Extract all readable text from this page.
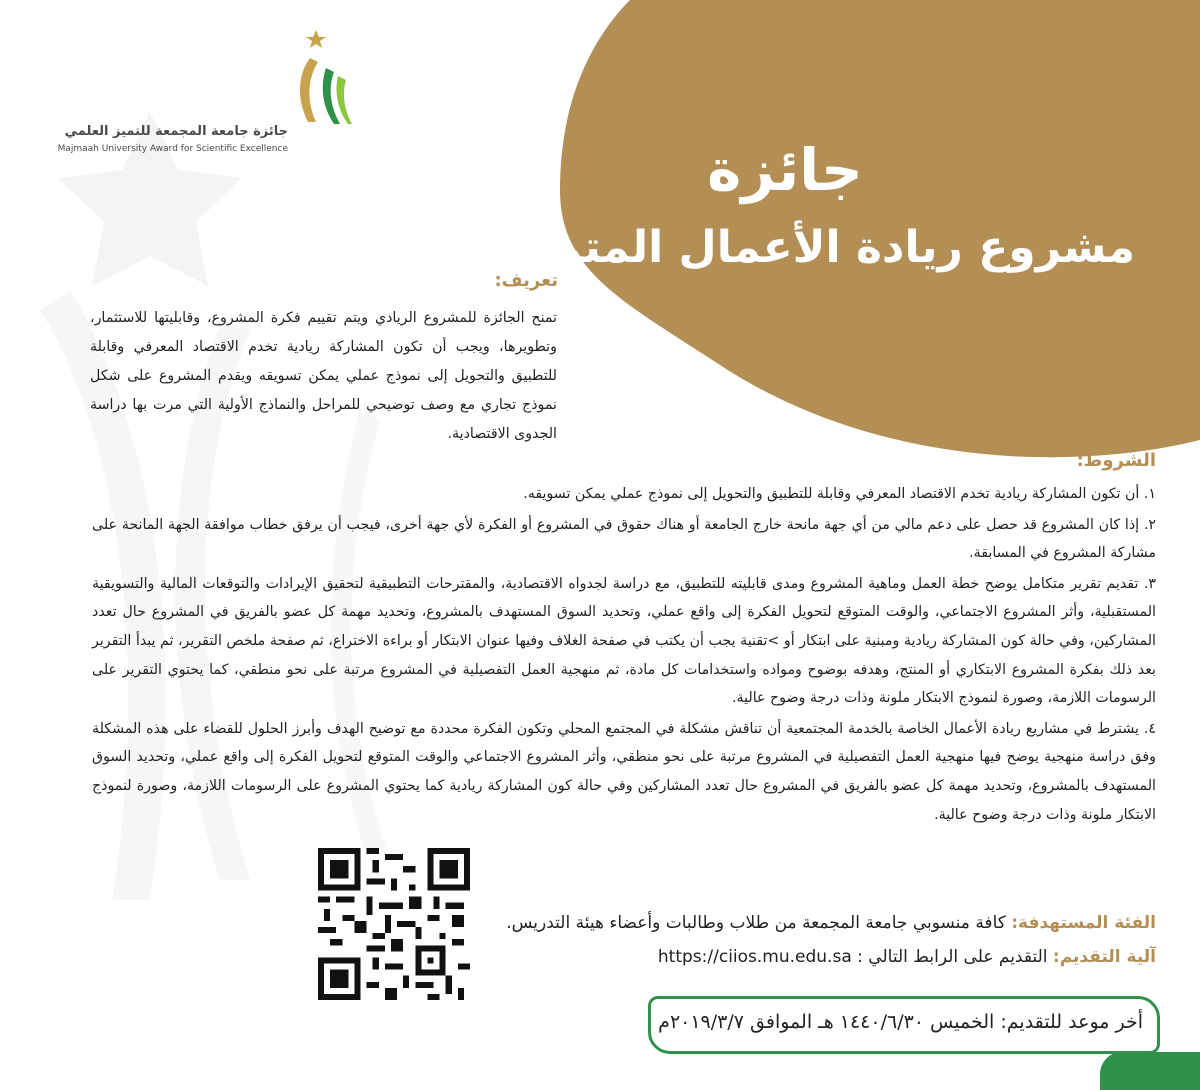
جائزة جامعة المجمعة للتميز العلمي
Majmaah University Award for Scientific Excellence	جائزة
مشروع ريادة الأعمال المتميز
تعريف:
تمنح الجائزة للمشروع الريادي ويتم تقييم فكرة المشروع، وقابليتها للاستثمار، وتطويرها، ويجب أن تكون المشاركة ريادية تخدم الاقتصاد المعرفي وقابلة للتطبيق والتحويل إلى نموذج عملي يمكن تسويقه ويقدم المشروع على شكل نموذج تجاري مع وصف توضيحي للمراحل والنماذج الأولية التي مرت بها دراسة الجدوى الاقتصادية.
الشروط:
١. أن تكون المشاركة ريادية تخدم الاقتصاد المعرفي وقابلة للتطبيق والتحويل إلى نموذج عملي يمكن تسويقه.
٢. إذا كان المشروع قد حصل على دعم مالي من أي جهة مانحة خارج الجامعة أو هناك حقوق في المشروع أو الفكرة لأي جهة أخرى، فيجب أن يرفق خطاب موافقة الجهة المانحة على مشاركة المشروع في المسابقة.
٣. تقديم تقرير متكامل يوضح خطة العمل وماهية المشروع ومدى قابليته للتطبيق، مع دراسة لجدواه الاقتصادية، والمقترحات التطبيقية لتحقيق الإيرادات والتوقعات المالية والتسويقية المستقبلية، وأثر المشروع الاجتماعي، والوقت المتوقع لتحويل الفكرة إلى واقع عملي، وتحديد السوق المستهدف بالمشروع، وتحديد مهمة كل عضو بالفريق في المشروع حال تعدد المشاركين، وفي حالة كون المشاركة ريادية ومبنية على ابتكار أو >تقنية يجب أن يكتب في صفحة الغلاف وفيها عنوان الابتكار أو براءة الاختراع، ثم صفحة ملخص التقرير، ثم يبدأ التقرير بعد ذلك بفكرة المشروع الابتكاري أو المنتج، وهدفه بوضوح ومواده واستخدامات كل مادة، ثم منهجية العمل التفصيلية في المشروع مرتبة على نحو منطقي، كما يحتوي التقرير على الرسومات اللازمة، وصورة لنموذج الابتكار ملونة وذات درجة وضوح عالية.
٤. يشترط في مشاريع ريادة الأعمال الخاصة بالخدمة المجتمعية أن تناقش مشكلة في المجتمع المحلي وتكون الفكرة محددة مع توضيح الهدف وأبرز الحلول للقضاء على هذه المشكلة وفق دراسة منهجية يوضح فيها منهجية العمل التفصيلية في المشروع مرتبة على نحو منطقي، وأثر المشروع الاجتماعي والوقت المتوقع لتحويل الفكرة إلى واقع عملي، وتحديد السوق المستهدف بالمشروع، وتحديد مهمة كل عضو بالفريق في المشروع حال تعدد المشاركين وفي حالة كون المشاركة ريادية كما يحتوي المشروع على الرسومات اللازمة، وصورة لنموذج الابتكار ملونة وذات درجة وضوح عالية.
الفئة المستهدفة: كافة منسوبي جامعة المجمعة من طلاب وطالبات وأعضاء هيئة التدريس.
آلية التقديم: التقديم على الرابط التالي : https://ciios.mu.edu.sa
أخر موعد للتقديم: الخميس ١٤٤٠/٦/٣٠ هـ الموافق ٢٠١٩/٣/٧م
